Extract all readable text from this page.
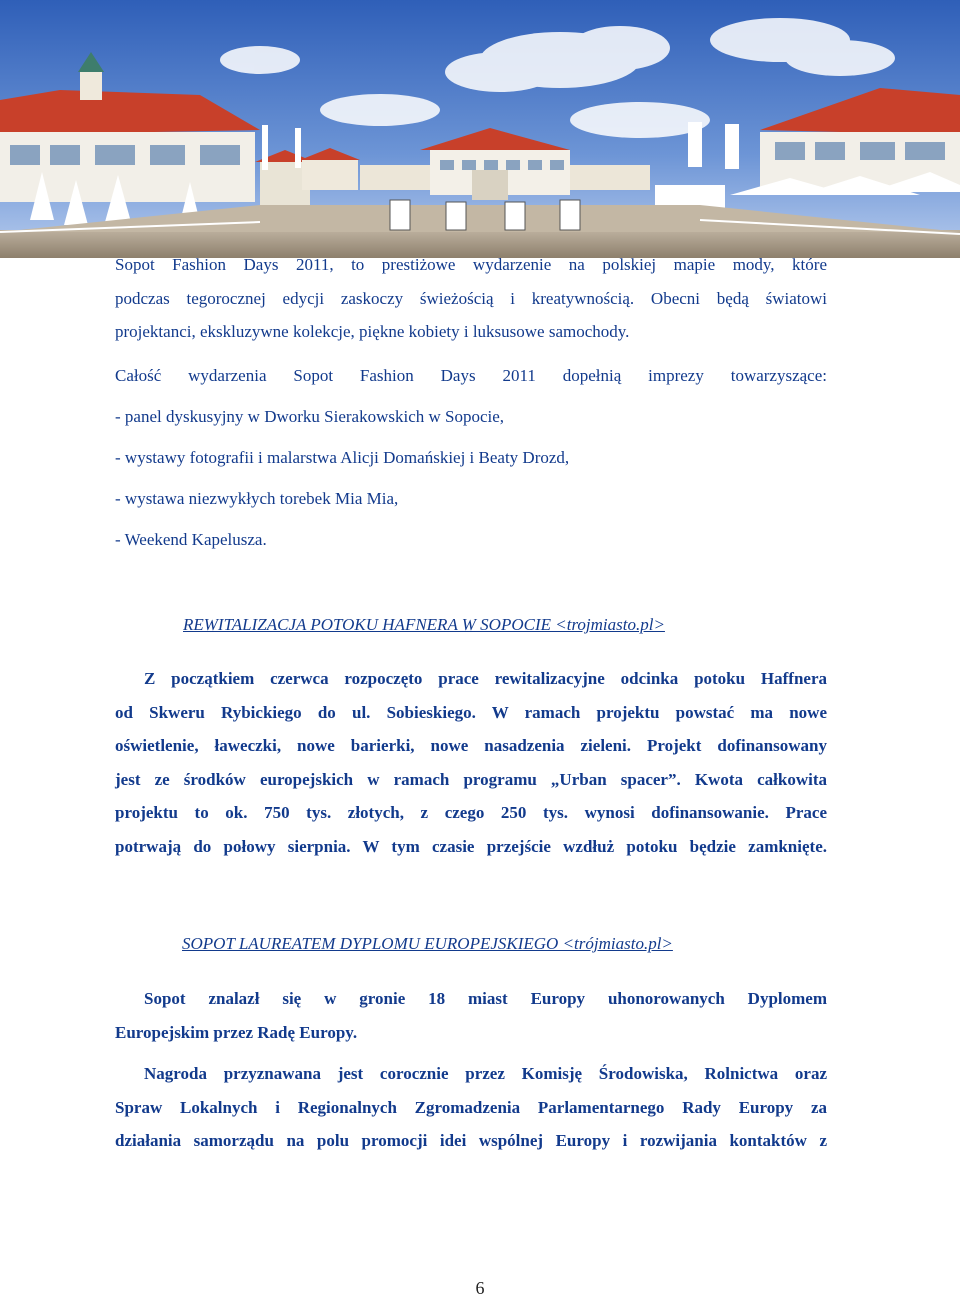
Sopot Fashion Days 2011, to prestiżowe wydarzenie na polskiej mapie mody, które
podczas tegorocznej edycji zaskoczy świeżością i kreatywnością. Obecni będą światowi
projektanci, ekskluzywne kolekcje, piękne kobiety i luksusowe samochody.
Całość wydarzenia Sopot Fashion Days 2011 dopełnią imprezy towarzyszące:
- panel dyskusyjny w Dworku Sierakowskich w Sopocie,
- wystawy fotografii i malarstwa Alicji Domańskiej i Beaty Drozd,
- wystawa niezwykłych torebek Mia Mia,
- Weekend Kapelusza.
REWITALIZACJA POTOKU HAFNERA W SOPOCIE <trojmiasto.pl>
Z początkiem czerwca rozpoczęto prace rewitalizacyjne odcinka potoku Haffnera
od Skweru Rybickiego do ul. Sobieskiego. W ramach projektu powstać ma nowe
oświetlenie, ławeczki, nowe barierki, nowe nasadzenia zieleni. Projekt dofinansowany
jest ze środków europejskich w ramach programu „Urban spacer”. Kwota całkowita
projektu to ok. 750 tys. złotych, z czego 250 tys. wynosi dofinansowanie. Prace
potrwają do połowy sierpnia. W tym czasie przejście wzdłuż potoku będzie zamknięte.
SOPOT LAUREATEM DYPLOMU EUROPEJSKIEGO <trójmiasto.pl>
Sopot znalazł się w gronie 18 miast Europy uhonorowanych Dyplomem
Europejskim przez Radę Europy.
Nagroda przyznawana jest corocznie przez Komisję Środowiska, Rolnictwa oraz
Spraw Lokalnych i Regionalnych Zgromadzenia Parlamentarnego Rady Europy za
działania samorządu na polu promocji idei wspólnej Europy i rozwijania kontaktów z
6
